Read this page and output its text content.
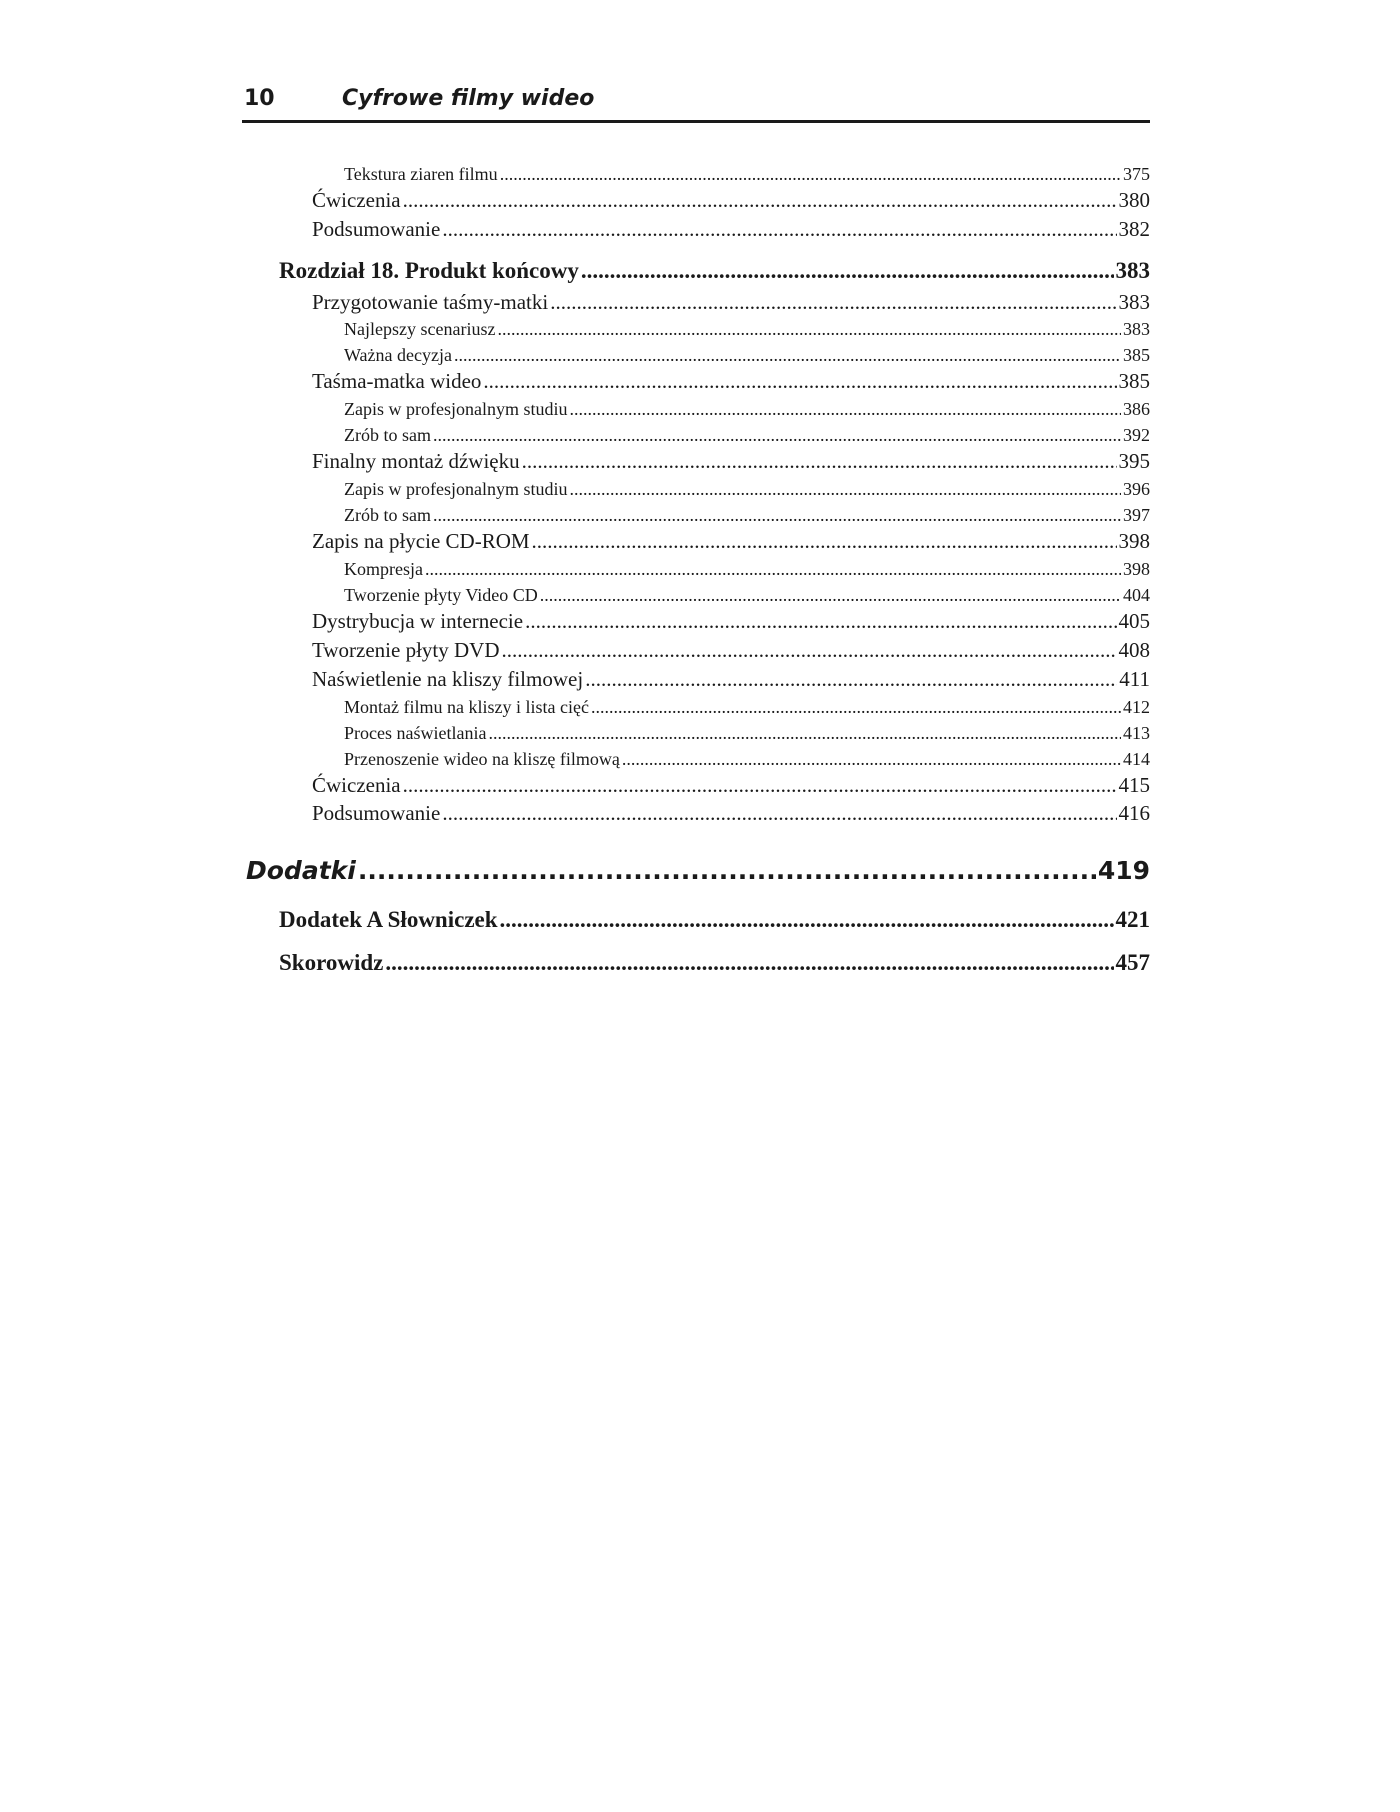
10	Cyfrowe filmy wideo
Tekstura ziaren filmu .....	375
Ćwiczenia .....	380
Podsumowanie .....	382
Rozdział 18. Produkt końcowy .....	383
Przygotowanie taśmy-matki .....	383
Najlepszy scenariusz .....	383
Ważna decyzja .....	385
Taśma-matka wideo .....	385
Zapis w profesjonalnym studiu .....	386
Zrób to sam .....	392
Finalny montaż dźwięku .....	395
Zapis w profesjonalnym studiu .....	396
Zrób to sam .....	397
Zapis na płycie CD-ROM .....	398
Kompresja .....	398
Tworzenie płyty Video CD .....	404
Dystrybucja w internecie .....	405
Tworzenie płyty DVD .....	408
Naświetlenie na kliszy filmowej .....	411
Montaż filmu na kliszy i lista cięć .....	412
Proces naświetlania .....	413
Przenoszenie wideo na kliszę filmową .....	414
Ćwiczenia .....	415
Podsumowanie .....	416
Dodatki .....	419
Dodatek A Słowniczek .....	421
Skorowidz .....	457
